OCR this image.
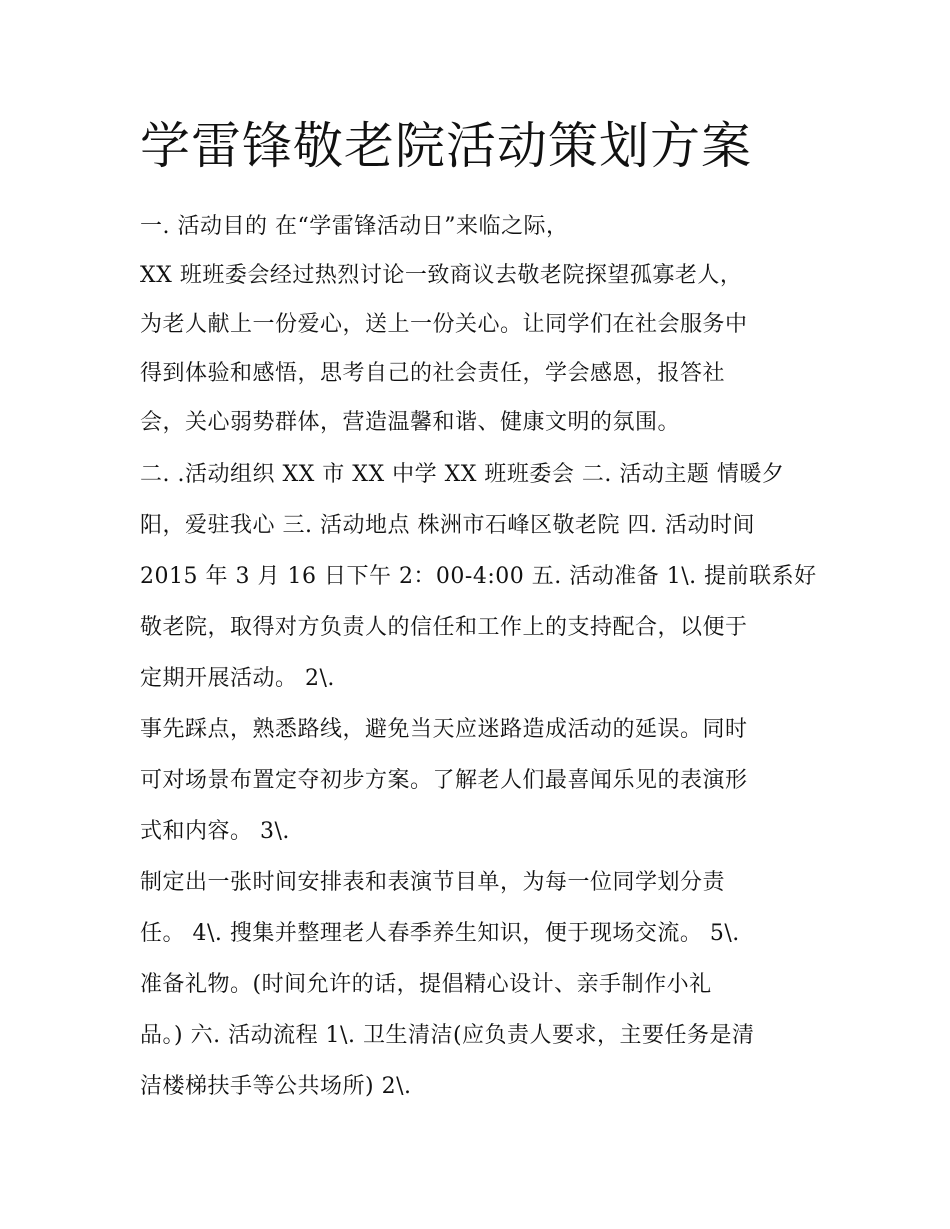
学雷锋敬老院活动策划方案
一. 活动目的 在“学雷锋活动日”来临之际，
XX 班班委会经过热烈讨论一致商议去敬老院探望孤寡老人，
为老人献上一份爱心，送上一份关心。让同学们在社会服务中
得到体验和感悟，思考自己的社会责任，学会感恩，报答社
会，关心弱势群体，营造温馨和谐、健康文明的氛围。
二. .活动组织 XX 市 XX 中学 XX 班班委会 二. 活动主题 情暖夕
阳，爱驻我心 三. 活动地点 株洲市石峰区敬老院 四. 活动时间
2015 年 3 月 16 日下午 2：00-4:00 五. 活动准备 1\. 提前联系好
敬老院，取得对方负责人的信任和工作上的支持配合，以便于
定期开展活动。 2\.
事先踩点，熟悉路线，避免当天应迷路造成活动的延误。同时
可对场景布置定夺初步方案。了解老人们最喜闻乐见的表演形
式和内容。 3\.
制定出一张时间安排表和表演节目单，为每一位同学划分责
任。 4\. 搜集并整理老人春季养生知识，便于现场交流。 5\.
准备礼物。(时间允许的话，提倡精心设计、亲手制作小礼
品。) 六. 活动流程 1\. 卫生清洁(应负责人要求，主要任务是清
洁楼梯扶手等公共场所) 2\.
